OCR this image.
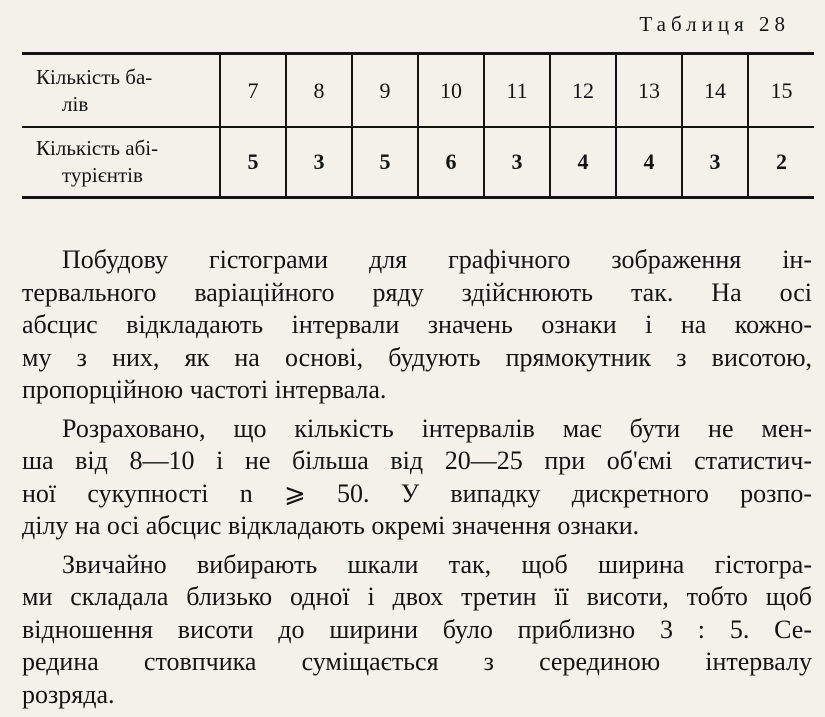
Таблиця 28
Кількість ба-
лів	7	8	9	10	11	12	13	14	15

Кількість абі-
турієнтів	5	3	5	6	3	4	4	3	2

Побудову гістограми для графічного зображення ін-
тервального варіаційного ряду здійснюють так. На осі
абсцис відкладають інтервали значень ознаки і на кожно-
му з них, як на основі, будують прямокутник з висотою,
пропорційною частоті інтервала.

Розраховано, що кількість інтервалів має бути не мен-
ша від 8—10 і не більша від 20—25 при об'ємі статистич-
ної сукупності n ⩾ 50. У випадку дискретного розпо-
ділу на осі абсцис відкладають окремі значення ознаки.

Звичайно вибирають шкали так, щоб ширина гістогра-
ми складала близько одної і двох третин її висоти, тобто щоб
відношення висоти до ширини було приблизно 3 : 5. Се-
редина стовпчика суміщається з серединою інтервалу
розряда.
